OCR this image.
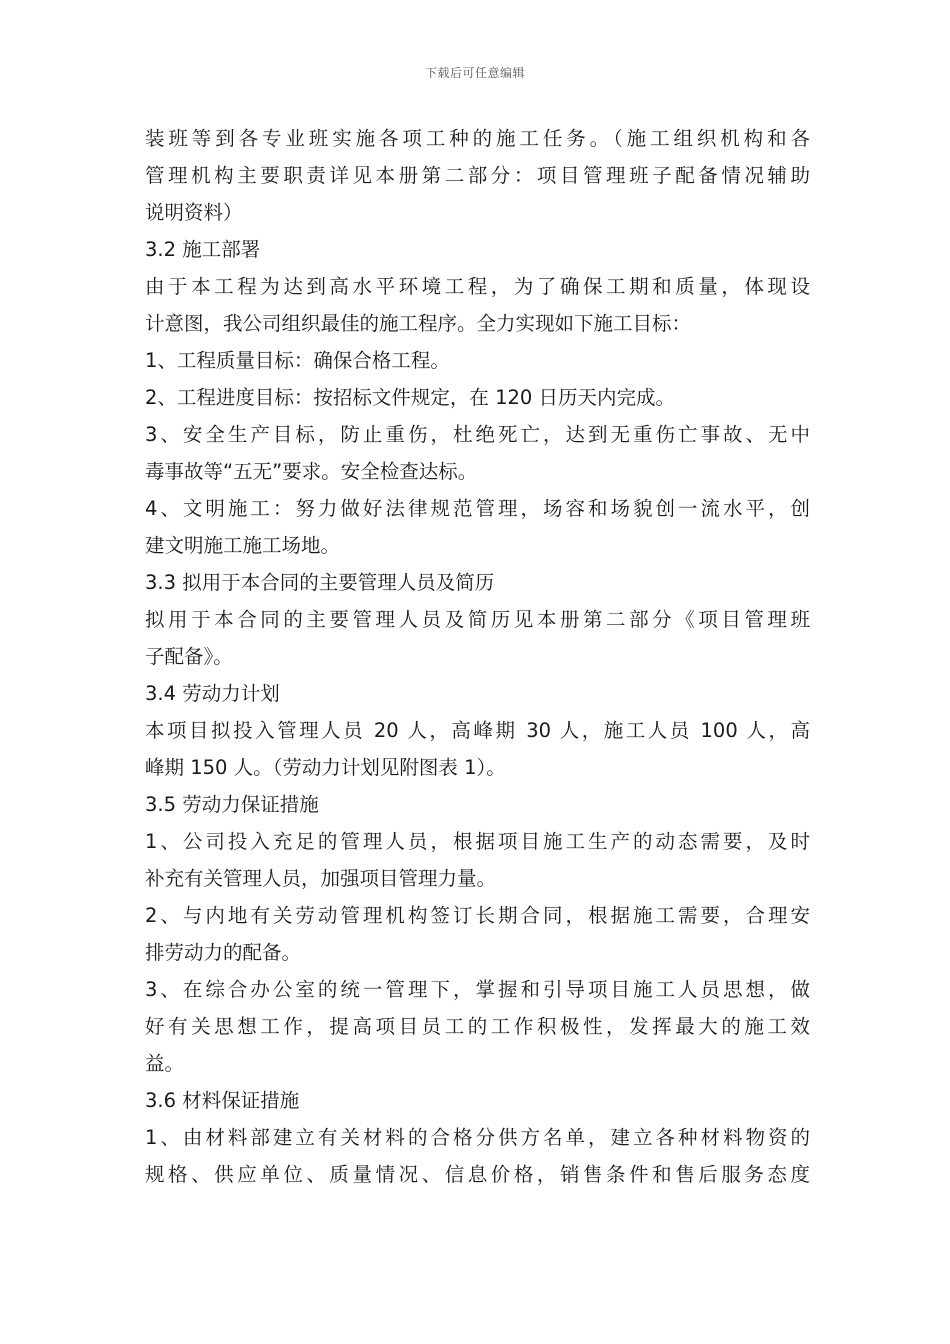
下载后可任意编辑
装班等到各专业班实施各项工种的施工任务。（施工组织机构和各
管理机构主要职责详见本册第二部分：项目管理班子配备情况辅助
说明资料）
3.2 施工部署
由于本工程为达到高水平环境工程，为了确保工期和质量，体现设
计意图，我公司组织最佳的施工程序。全力实现如下施工目标：
1、工程质量目标：确保合格工程。
2、工程进度目标：按招标文件规定，在 120 日历天内完成。
3、安全生产目标，防止重伤，杜绝死亡，达到无重伤亡事故、无中
毒事故等“五无”要求。安全检查达标。
4、文明施工：努力做好法律规范管理，场容和场貌创一流水平，创
建文明施工施工场地。
3.3 拟用于本合同的主要管理人员及简历
拟用于本合同的主要管理人员及简历见本册第二部分《项目管理班
子配备》。
3.4 劳动力计划
本项目拟投入管理人员 20 人，高峰期 30 人，施工人员 100 人，高
峰期 150 人。（劳动力计划见附图表 1）。
3.5 劳动力保证措施
1、公司投入充足的管理人员，根据项目施工生产的动态需要，及时
补充有关管理人员，加强项目管理力量。
2、与内地有关劳动管理机构签订长期合同，根据施工需要，合理安
排劳动力的配备。
3、在综合办公室的统一管理下，掌握和引导项目施工人员思想，做
好有关思想工作，提高项目员工的工作积极性，发挥最大的施工效
益。
3.6 材料保证措施
1、由材料部建立有关材料的合格分供方名单，建立各种材料物资的
规格、供应单位、质量情况、信息价格，销售条件和售后服务态度
